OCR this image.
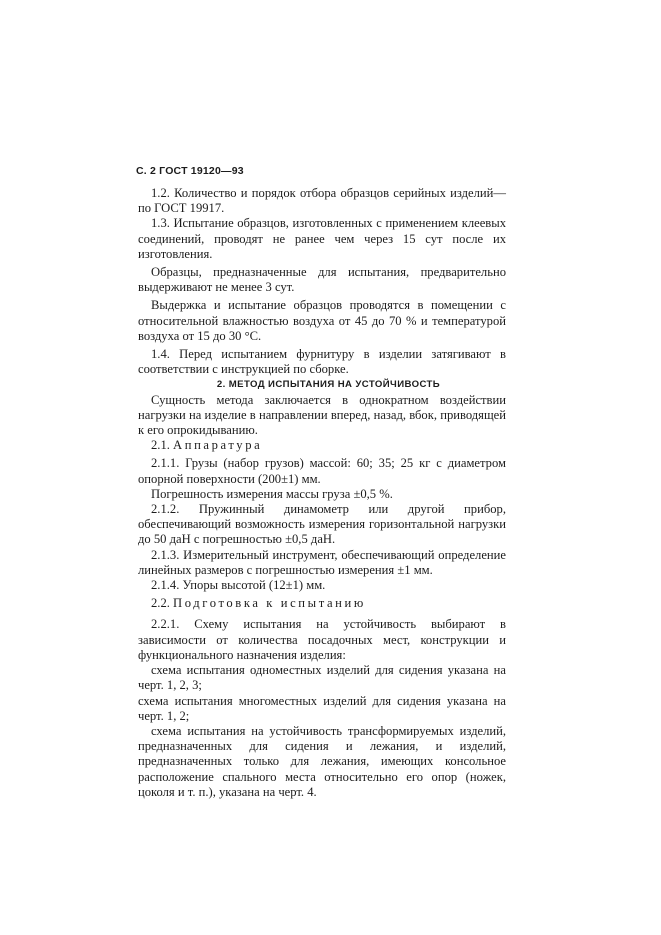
С. 2 ГОСТ 19120—93

1.2. Количество и порядок отбора образцов серийных изделий— по ГОСТ 19917.

1.3. Испытание образцов, изготовленных с применением клеевых соединений, проводят не ранее чем через 15 сут после их изготовления.

Образцы, предназначенные для испытания, предварительно выдерживают не менее 3 сут.

Выдержка и испытание образцов проводятся в помещении с относительной влажностью воздуха от 45 до 70 % и температурой воздуха от 15 до 30 °С.

1.4. Перед испытанием фурнитуру в изделии затягивают в соответствии с инструкцией по сборке.

2. МЕТОД ИСПЫТАНИЯ НА УСТОЙЧИВОСТЬ

Сущность метода заключается в однократном воздействии нагрузки на изделие в направлении вперед, назад, вбок, приводящей к его опрокидыванию.

2.1. Аппаратура

2.1.1. Грузы (набор грузов) массой: 60; 35; 25 кг с диаметром опорной поверхности (200±1) мм.

Погрешность измерения массы груза ±0,5 %.

2.1.2. Пружинный динамометр или другой прибор, обеспечивающий возможность измерения горизонтальной нагрузки до 50 даН с погрешностью ±0,5 даН.

2.1.3. Измерительный инструмент, обеспечивающий определение линейных размеров с погрешностью измерения ±1 мм.

2.1.4. Упоры высотой (12±1) мм.

2.2. Подготовка к испытанию

2.2.1. Схему испытания на устойчивость выбирают в зависимости от количества посадочных мест, конструкции и функционального назначения изделия:

схема испытания одноместных изделий для сидения указана на черт. 1, 2, 3;

схема испытания многоместных изделий для сидения указана на черт. 1, 2;

схема испытания на устойчивость трансформируемых изделий, предназначенных для сидения и лежания, и изделий, предназначенных только для лежания, имеющих консольное расположение спального места относительно его опор (ножек, цоколя и т. п.), указана на черт. 4.
